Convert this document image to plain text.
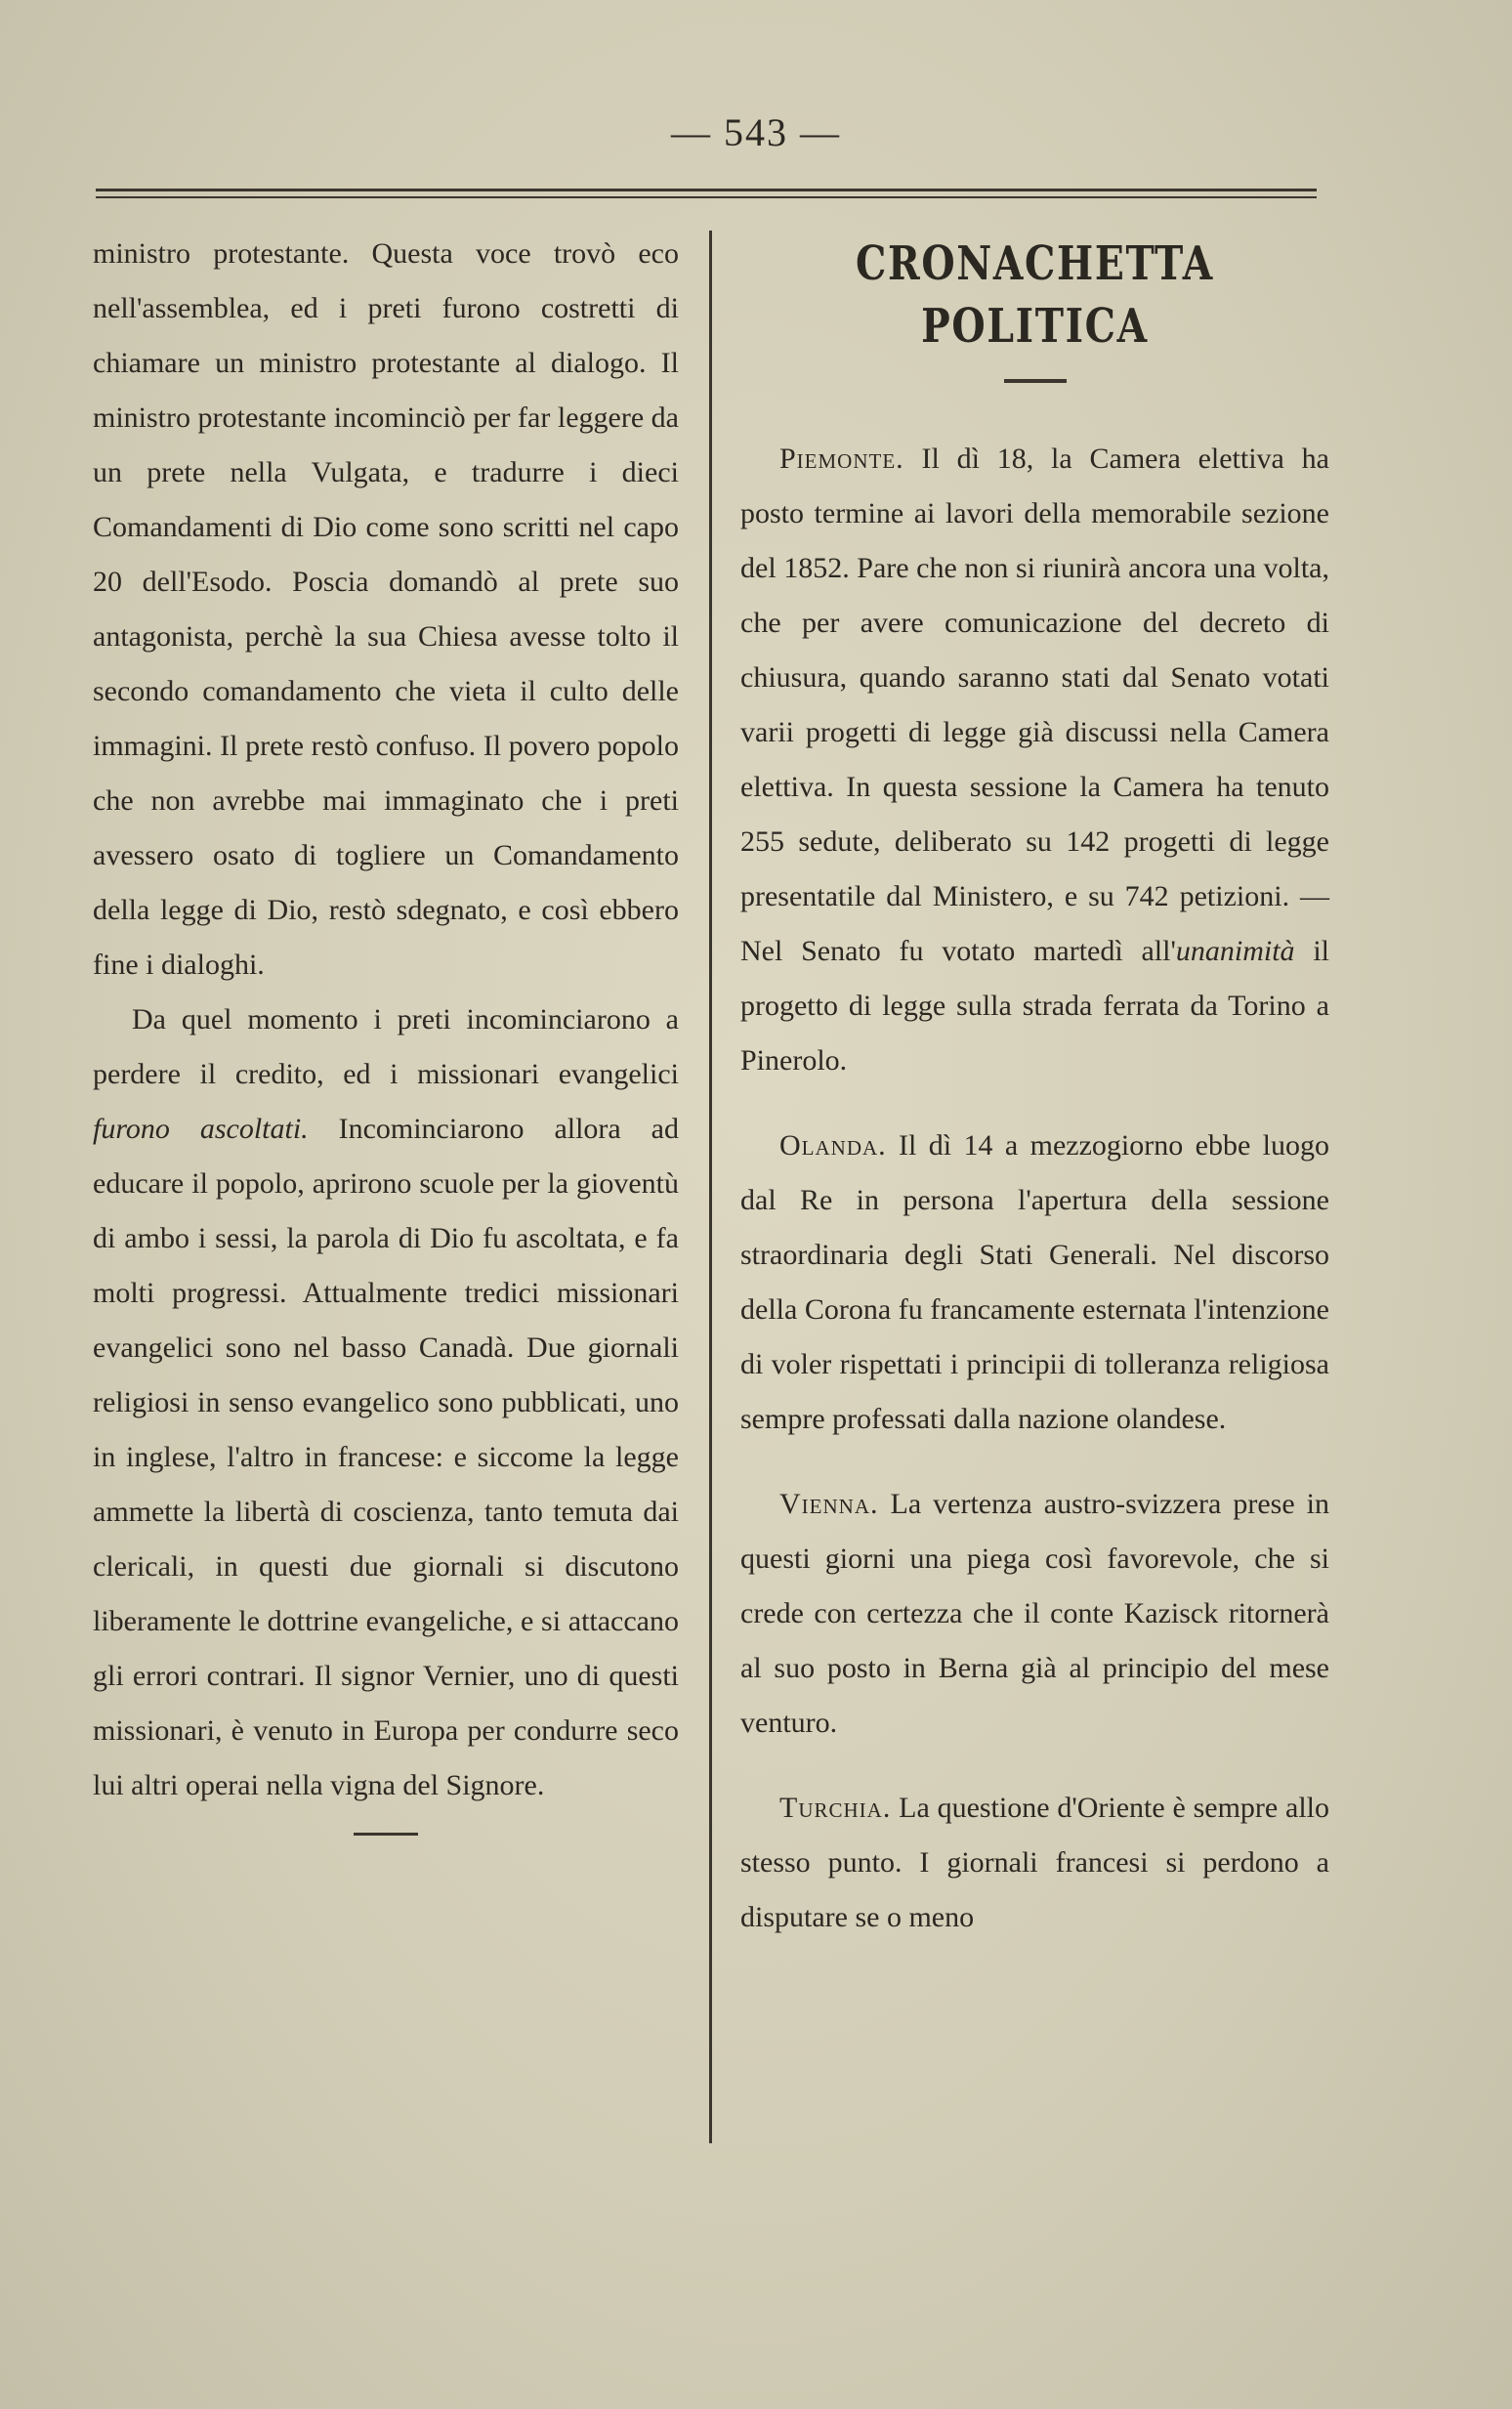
— 543 —

ministro protestante. Questa voce trovò eco nell'assemblea, ed i preti furono costretti di chiamare un ministro protestante al dialogo. Il ministro protestante incominciò per far leggere da un prete nella Vulgata, e tradurre i dieci Comandamenti di Dio come sono scritti nel capo 20 dell'Esodo. Poscia domandò al prete suo antagonista, perchè la sua Chiesa avesse tolto il secondo comandamento che vieta il culto delle immagini. Il prete restò confuso. Il povero popolo che non avrebbe mai immaginato che i preti avessero osato di togliere un Comandamento della legge di Dio, restò sdegnato, e così ebbero fine i dialoghi.

Da quel momento i preti incominciarono a perdere il credito, ed i missionari evangelici furono ascoltati. Incominciarono allora ad educare il popolo, aprirono scuole per la gioventù di ambo i sessi, la parola di Dio fu ascoltata, e fa molti progressi. Attualmente tredici missionari evangelici sono nel basso Canadà. Due giornali religiosi in senso evangelico sono pubblicati, uno in inglese, l'altro in francese: e siccome la legge ammette la libertà di coscienza, tanto temuta dai clericali, in questi due giornali si discutono liberamente le dottrine evangeliche, e si attaccano gli errori contrari. Il signor Vernier, uno di questi missionari, è venuto in Europa per condurre seco lui altri operai nella vigna del Signore.

CRONACHETTA POLITICA

Piemonte. Il dì 18, la Camera elettiva ha posto termine ai lavori della memorabile sezione del 1852. Pare che non si riunirà ancora una volta, che per avere comunicazione del decreto di chiusura, quando saranno stati dal Senato votati varii progetti di legge già discussi nella Camera elettiva. In questa sessione la Camera ha tenuto 255 sedute, deliberato su 142 progetti di legge presentatile dal Ministero, e su 742 petizioni. — Nel Senato fu votato martedì all'unanimità il progetto di legge sulla strada ferrata da Torino a Pinerolo.

Olanda. Il dì 14 a mezzogiorno ebbe luogo dal Re in persona l'apertura della sessione straordinaria degli Stati Generali. Nel discorso della Corona fu francamente esternata l'intenzione di voler rispettati i principii di tolleranza religiosa sempre professati dalla nazione olandese.

Vienna. La vertenza austro-svizzera prese in questi giorni una piega così favorevole, che si crede con certezza che il conte Kazisck ritornerà al suo posto in Berna già al principio del mese venturo.

Turchia. La questione d'Oriente è sempre allo stesso punto. I giornali francesi si perdono a disputare se o meno
